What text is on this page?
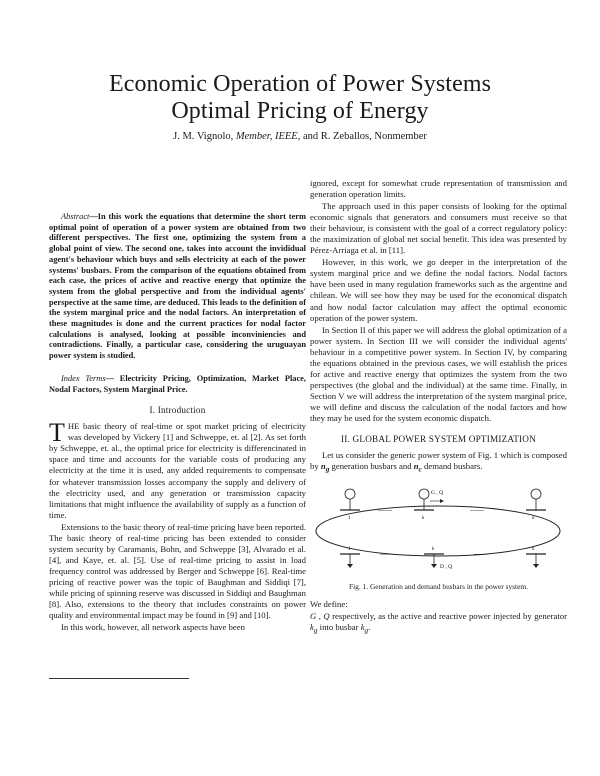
Economic Operation of Power Systems
Optimal Pricing of Energy
J. M. Vignolo, Member, IEEE, and R. Zeballos, Nonmember

Abstract—In this work the equations that determine the short term optimal point of operation of a power system are obtained from two different perspectives. The first one, optimizing the system from a global point of view. The second one, takes into account the invididual agent's behaviour which buys and sells electricity at each of the power systems' busbars. From the comparison of the equations obtained from each case, the prices of active and reactive energy that optimize the system from the global perspective and from the individual agents' perspective at the same time, are deduced. This leads to the definition of the system marginal price and the nodal factors. An interpretation of these magnitudes is done and the current practices for nodal factor calculations is analysed, looking at possible inconviniencies and contradictions. Finally, a particular case, considering the uruguayan power system is studied.

Index Terms— Electricity Pricing, Optimization, Market Place, Nodal Factors, System Marginal Price.

I. Introduction

THE basic theory of real-time or spot market pricing of electricity was developed by Vickery [1] and Schweppe, et. al [2]. As set forth by Schweppe, et. al., the optimal price for electricity is differencinated in space and time and accounts for the variable costs of producing any electricity at the time it is used, any added requirements to compensate for whatever transmission losses accompany the supply and delivery of the electricity used, and any generation or transmission capacity limitations that might influence the availability of supply as a function of time.

Extensions to the basic theory of real-time pricing have been reported. The basic theory of real-time pricing has been extended to consider system security by Caramanis, Bohn, and Schweppe [3], Alvarado et al. [4], and Kaye, et. al. [5]. Use of real-time pricing to assist in load frequency control was addressed by Berger and Schweppe [6]. Real-time pricing of reactive power was the topic of Baughman and Siddiqi [7], while pricing of spinning reserve was discussed in Siddiqi and Baughman [8]. Also, extensions to the theory that includes constraints on power quality and environmental impact may be found in [9] and [10].

In this work, however, all network aspects have been

ignored, except for somewhat crude representation of transmission and generation operation limits.

The approach used in this paper consists of looking for the optimal economic signals that generators and consumers must receive so that their behaviour, is consistent with the goal of a correct regulatory policy: the maximization of global net social benefit. This idea was presented by Pérez-Arriaga et al. in [11].

However, in this work, we go deeper in the interpretation of the system marginal price and we define the nodal factors. Nodal factors have been used in many regulation frameworks such as the argentine and chilean. We will see how they may be used for the economical dispatch and how nodal factor calculation may affect the optimal economic operation of the power system.

In Section II of this paper we will address the global optimization of a power system. In Section III we will consider the individual agents' behaviour in a competitive power system. In Section IV, by comparing the equations obtained in the previous cases, we will establish the prices for active and reactive energy that optimizes the system from the two perspectives (the global and the individual) at the same time. Finally, in Section V we will address the interpretation of the system marginal price, we will define and discuss the calculation of the nodal factors and how they may be used for the system economic dispatch.

II. GLOBAL POWER SYSTEM OPTIMIZATION

Let us consider the generic power system of Fig. 1 which is composed by $n_g$ generation busbars and $n_c$ demand busbars.

G , Q
-------	-------
1	k	n
D , Q
-------	-------
1	k	n

Fig. 1. Generation and demand busbars in the power system.

We define:

G , Q respectively, as the active and reactive power injected by generator $k_g$ into busbar $k_g$.
